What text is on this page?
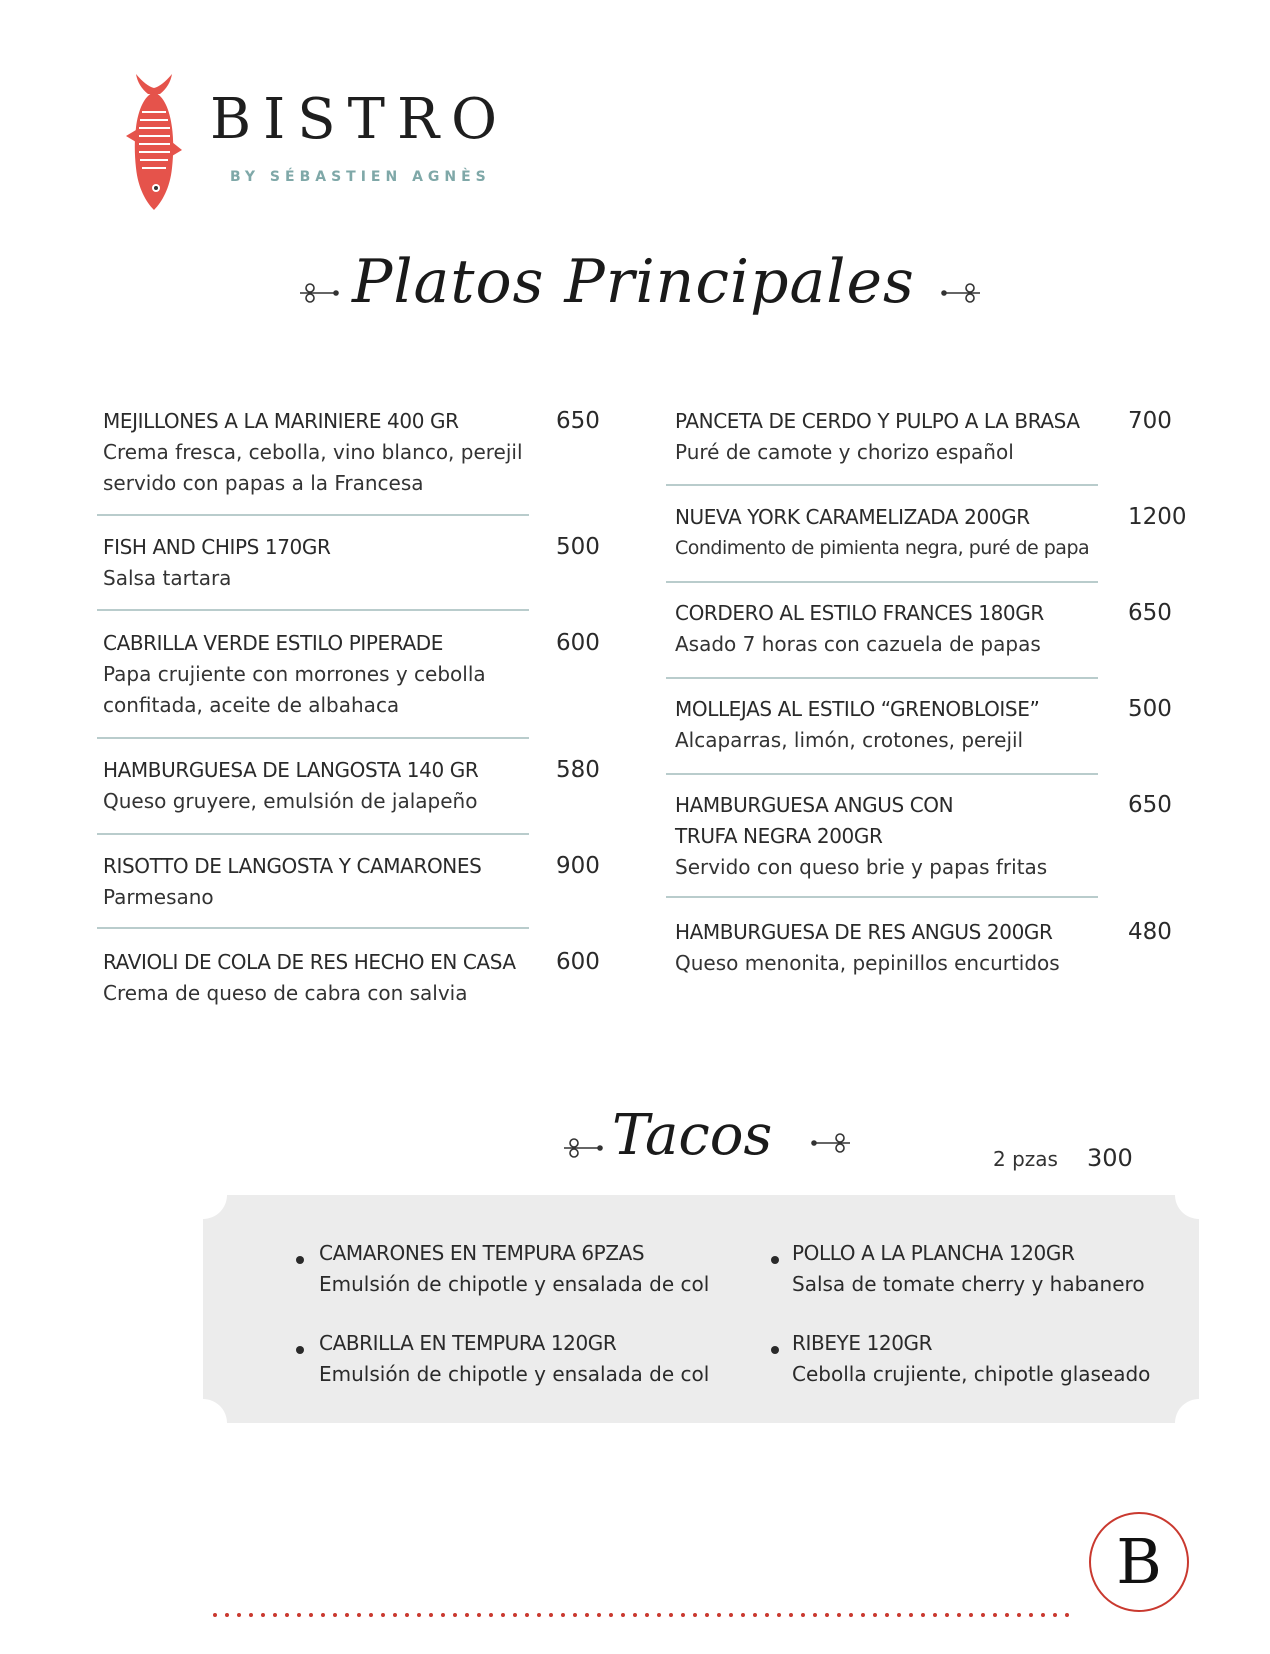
BISTRO
BY SÉBASTIEN AGNÈS
Platos Principales
MEJILLONES A LA MARINIERE 400 GR
Crema fresca, cebolla, vino blanco, perejil
servido con papas a la Francesa
650
FISH AND CHIPS 170GR
Salsa tartara
500
CABRILLA VERDE ESTILO PIPERADE
Papa crujiente con morrones y cebolla
confitada, aceite de albahaca
600
HAMBURGUESA DE LANGOSTA 140 GR
Queso gruyere, emulsión de jalapeño
580
RISOTTO DE LANGOSTA Y CAMARONES
Parmesano
900
RAVIOLI DE COLA DE RES HECHO EN CASA
Crema de queso de cabra con salvia
600
PANCETA DE CERDO Y PULPO A LA BRASA
Puré de camote y chorizo español
700
NUEVA YORK CARAMELIZADA 200GR
Condimento de pimienta negra, puré de papa
1200
CORDERO AL ESTILO FRANCES 180GR
Asado 7 horas con cazuela de papas
650
MOLLEJAS AL ESTILO “GRENOBLOISE”
Alcaparras, limón, crotones, perejil
500
HAMBURGUESA ANGUS CON
TRUFA NEGRA 200GR
Servido con queso brie y papas fritas
650
HAMBURGUESA DE RES ANGUS 200GR
Queso menonita, pepinillos encurtidos
480
Tacos	2 pzas 300
CAMARONES EN TEMPURA 6PZAS
Emulsión de chipotle y ensalada de col
POLLO A LA PLANCHA 120GR
Salsa de tomate cherry y habanero
CABRILLA EN TEMPURA 120GR
Emulsión de chipotle y ensalada de col
RIBEYE 120GR
Cebolla crujiente, chipotle glaseado
B
